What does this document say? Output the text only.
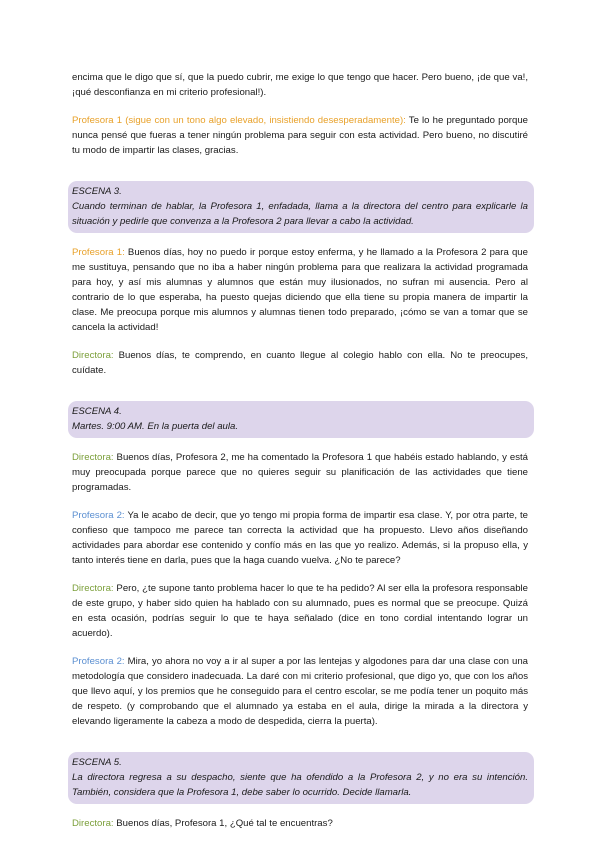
encima que le digo que sí, que la puedo cubrir, me exige lo que tengo que hacer. Pero bueno, ¡de que va!, ¡qué desconfianza en mi criterio profesional!).

Profesora 1 (sigue con un tono algo elevado, insistiendo desesperadamente): Te lo he preguntado porque nunca pensé que fueras a tener ningún problema para seguir con esta actividad. Pero bueno, no discutiré tu modo de impartir las clases, gracias.

ESCENA 3.

Cuando terminan de hablar, la Profesora 1, enfadada, llama a la directora del centro para explicarle la situación y pedirle que convenza a la Profesora 2 para llevar a cabo la actividad.

Profesora 1: Buenos días, hoy no puedo ir porque estoy enferma, y he llamado a la Profesora 2 para que me sustituya, pensando que no iba a haber ningún problema para que realizara la actividad programada para hoy, y así mis alumnas y alumnos que están muy ilusionados, no sufran mi ausencia. Pero al contrario de lo que esperaba, ha puesto quejas diciendo que ella tiene su propia manera de impartir la clase. Me preocupa porque mis alumnos y alumnas tienen todo preparado, ¡cómo se van a tomar que se cancela la actividad!

Directora: Buenos días, te comprendo, en cuanto llegue al colegio hablo con ella. No te preocupes, cuídate.

ESCENA 4.

Martes. 9:00 AM. En la puerta del aula.

Directora: Buenos días, Profesora 2, me ha comentado la Profesora 1 que habéis estado hablando, y está muy preocupada porque parece que no quieres seguir su planificación de las actividades que tiene programadas.

Profesora 2: Ya le acabo de decir, que yo tengo mi propia forma de impartir esa clase. Y, por otra parte, te confieso que tampoco me parece tan correcta la actividad que ha propuesto. Llevo años diseñando actividades para abordar ese contenido y confío más en las que yo realizo. Además, si la propuso ella, y tanto interés tiene en darla, pues que la haga cuando vuelva. ¿No te parece?

Directora: Pero, ¿te supone tanto problema hacer lo que te ha pedido? Al ser ella la profesora responsable de este grupo, y haber sido quien ha hablado con su alumnado, pues es normal que se preocupe. Quizá en esta ocasión, podrías seguir lo que te haya señalado (dice en tono cordial intentando lograr un acuerdo).

Profesora 2: Mira, yo ahora no voy a ir al super a por las lentejas y algodones para dar una clase con una metodología que considero inadecuada. La daré con mi criterio profesional, que digo yo, que con los años que llevo aquí, y los premios que he conseguido para el centro escolar, se me podía tener un poquito más de respeto. (y comprobando que el alumnado ya estaba en el aula, dirige la mirada a la directora y elevando ligeramente la cabeza a modo de despedida, cierra la puerta).

ESCENA 5.

La directora regresa a su despacho, siente que ha ofendido a la Profesora 2, y no era su intención. También, considera que la Profesora 1, debe saber lo ocurrido. Decide llamarla.

Directora: Buenos días, Profesora 1, ¿Qué tal te encuentras?
